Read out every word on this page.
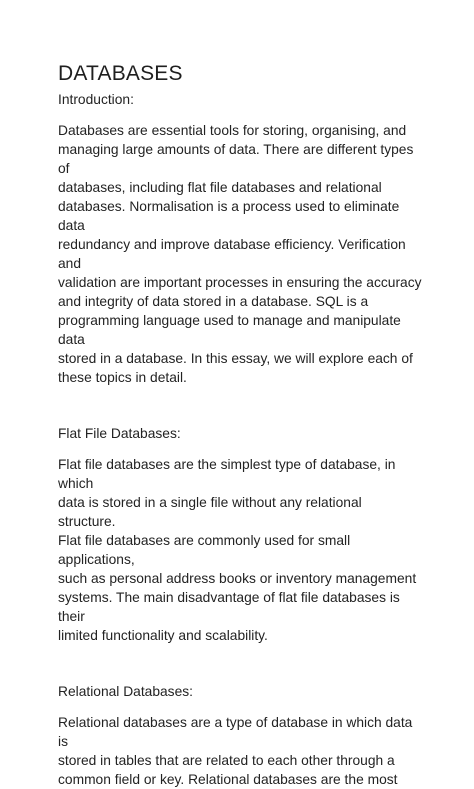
DATABASES
Introduction:

Databases are essential tools for storing, organising, and
managing large amounts of data. There are different types of
databases, including flat file databases and relational
databases. Normalisation is a process used to eliminate data
redundancy and improve database efficiency. Verification and
validation are important processes in ensuring the accuracy
and integrity of data stored in a database. SQL is a
programming language used to manage and manipulate data
stored in a database. In this essay, we will explore each of
these topics in detail.

Flat File Databases:

Flat file databases are the simplest type of database, in which
data is stored in a single file without any relational structure.
Flat file databases are commonly used for small applications,
such as personal address books or inventory management
systems. The main disadvantage of flat file databases is their
limited functionality and scalability.

Relational Databases:

Relational databases are a type of database in which data is
stored in tables that are related to each other through a
common field or key. Relational databases are the most
